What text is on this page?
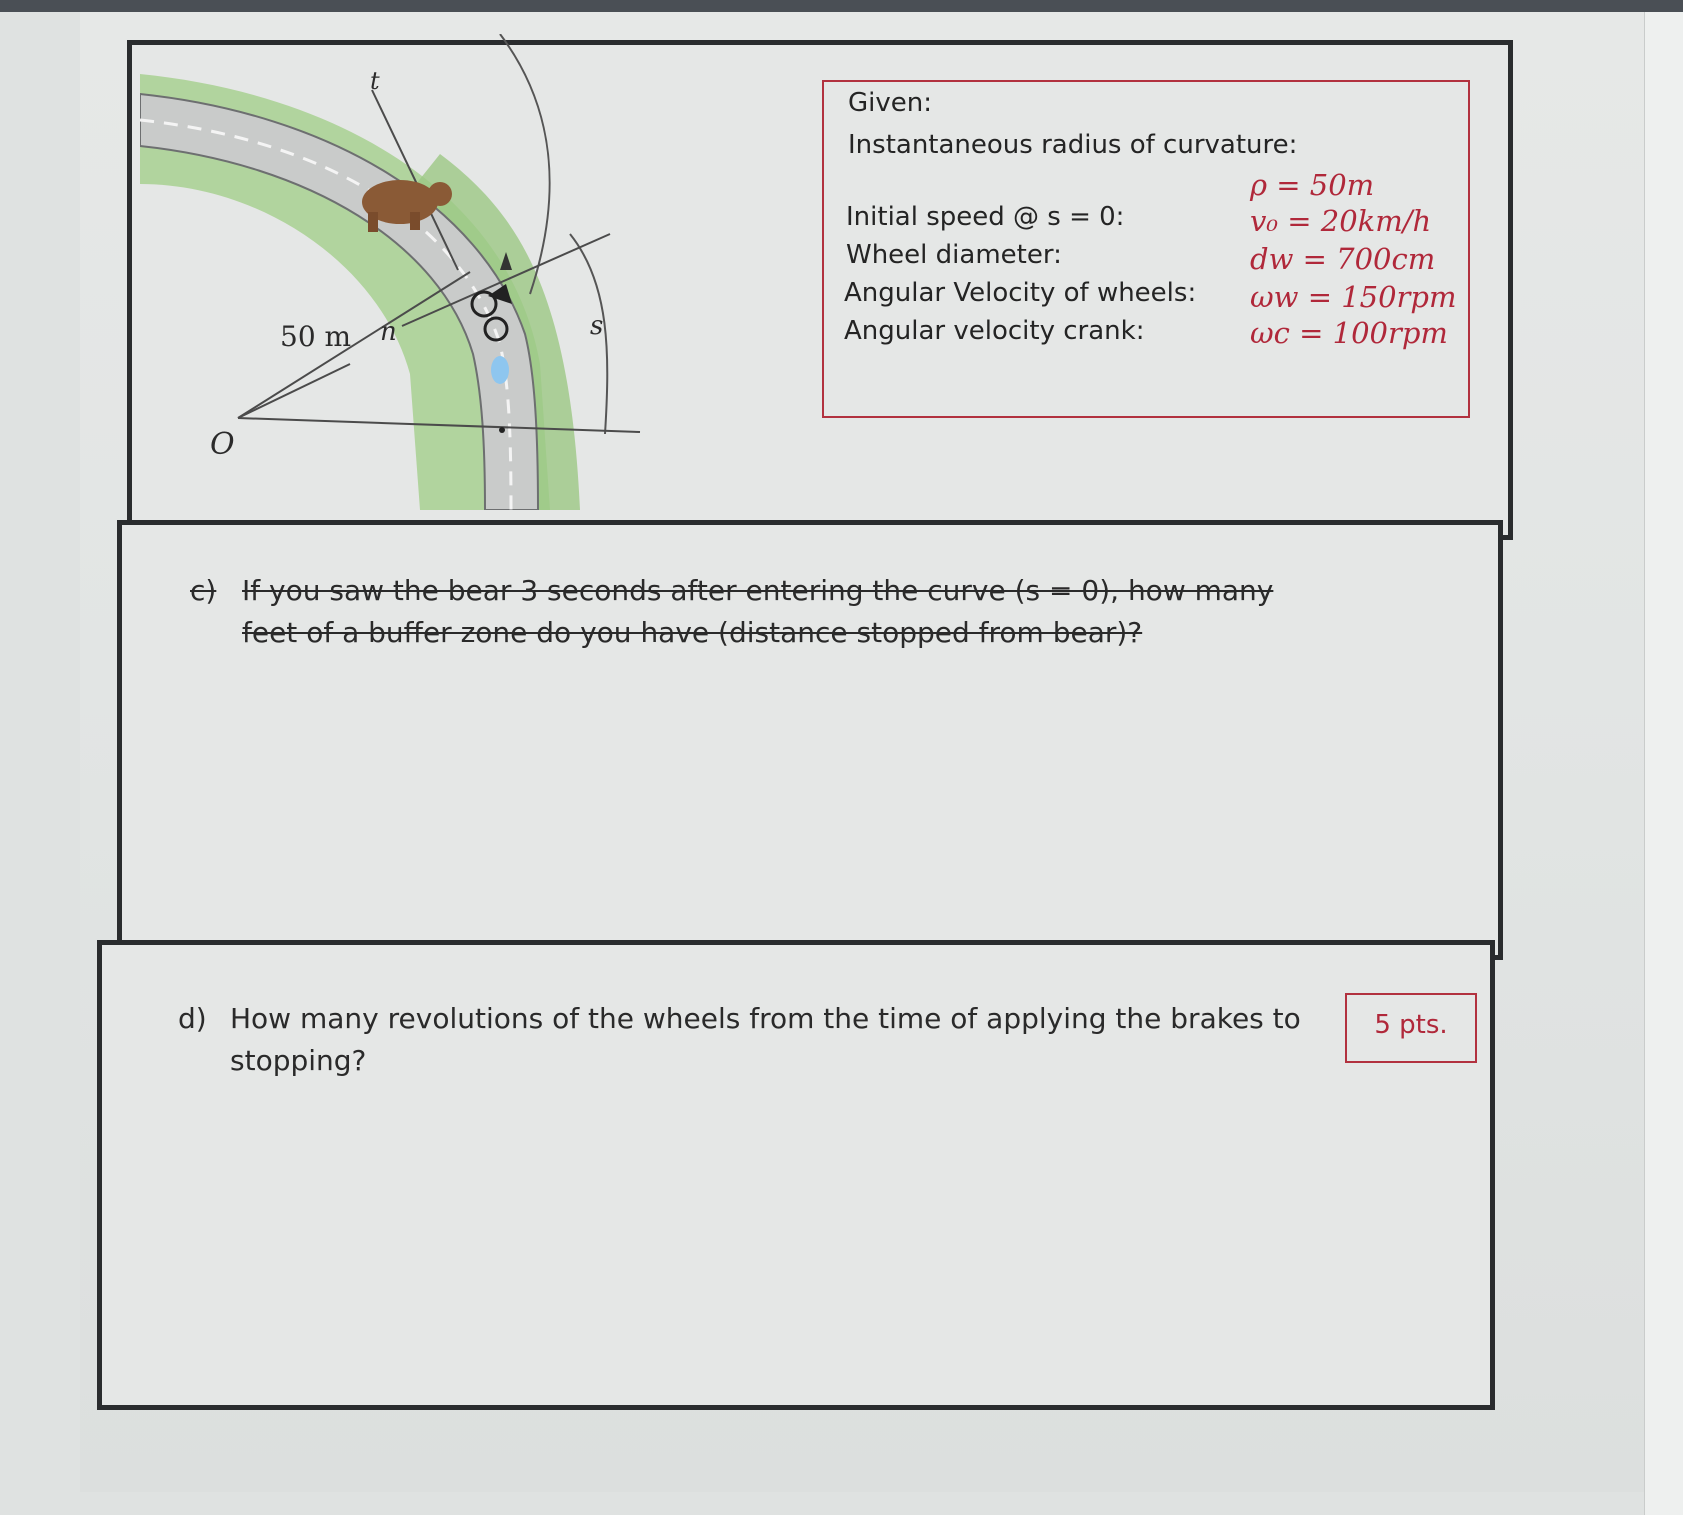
50 m
t
n	s
O
Given:
Instantaneous radius of curvature:
ρ = 50m
Initial speed @ s = 0:	v₀ = 20km/h
Wheel diameter:	dw = 700cm
Angular Velocity of wheels: ωw = 150rpm
Angular velocity crank:	ωc = 100rpm
c) If you saw the bear 3 seconds after entering the curve (s = 0), how many
feet of a buffer zone do you have (distance stopped from bear)?
d) How many revolutions of the wheels from the time of applying the brakes to
stopping?
5 pts.
